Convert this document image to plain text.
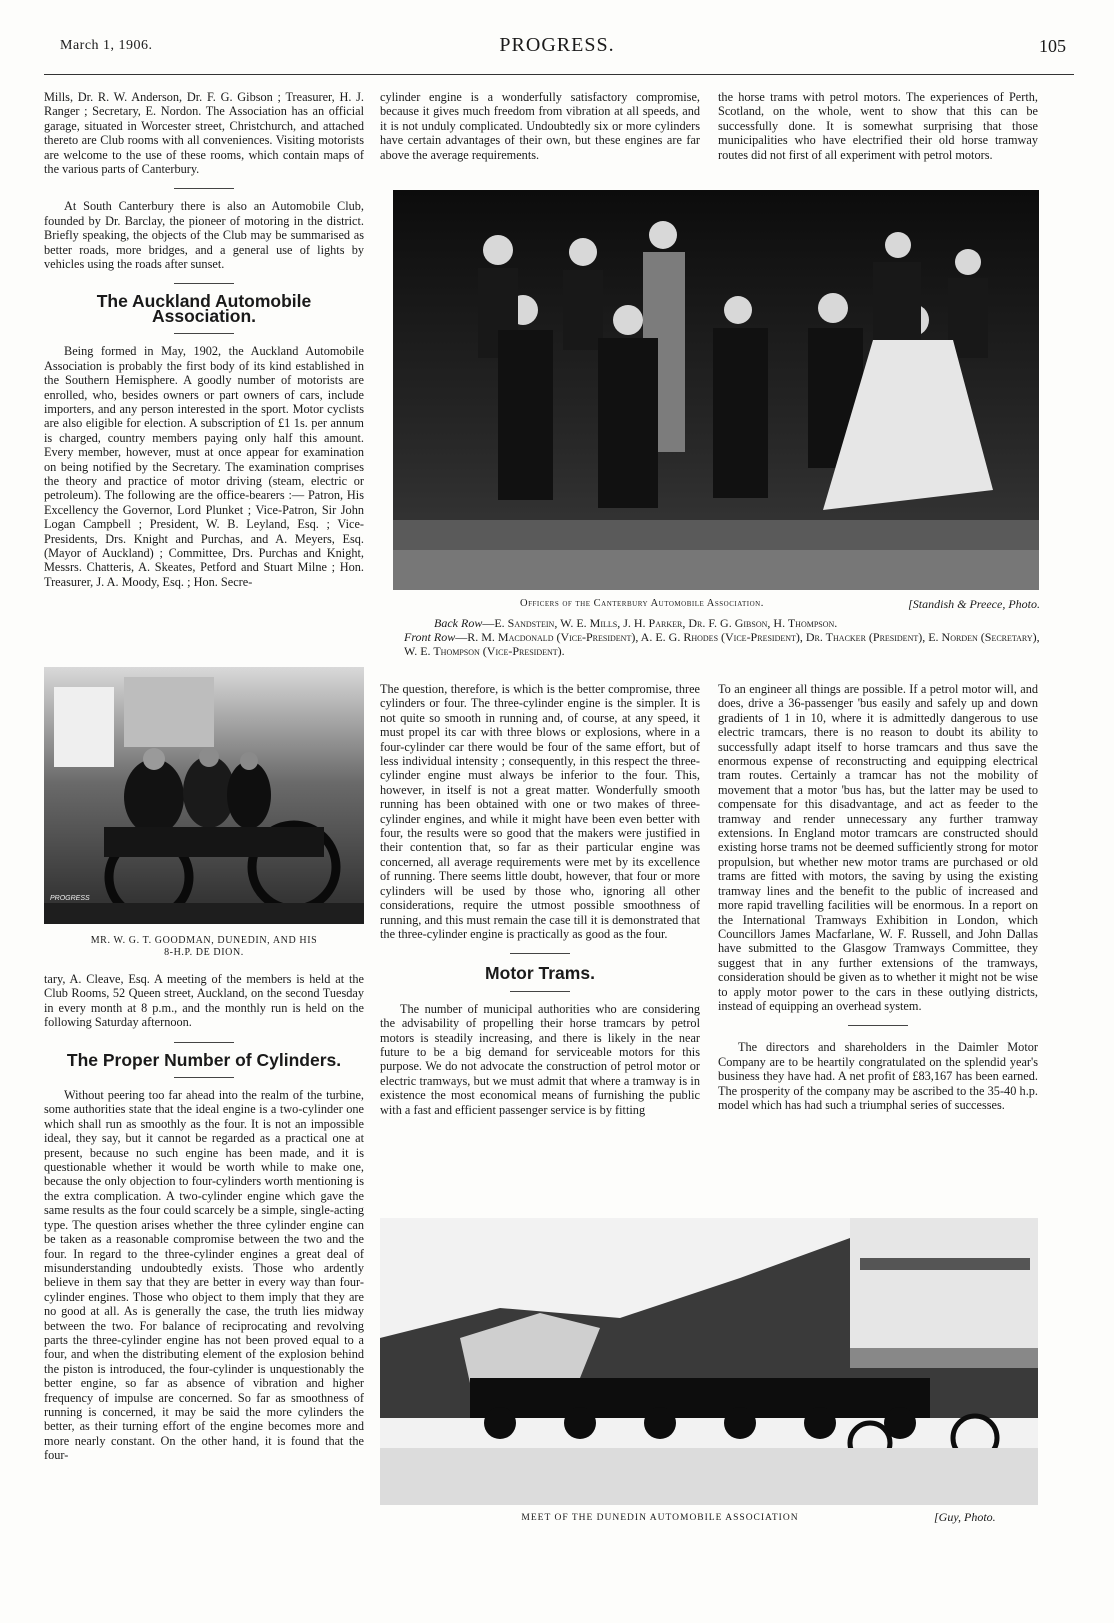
March 1, 1906.	PROGRESS.	105

Mills, Dr. R. W. Anderson, Dr. F. G. Gibson ; Treasurer, H. J. Ranger ; Secretary, E. Nordon. The Association has an official garage, situated in Worcester street, Christchurch, and attached thereto are Club rooms with all conveniences. Visiting motorists are welcome to the use of these rooms, which contain maps of the various parts of Canterbury.

At South Canterbury there is also an Automobile Club, founded by Dr. Barclay, the pioneer of motoring in the district. Briefly speaking, the objects of the Club may be summarised as better roads, more bridges, and a general use of lights by vehicles using the roads after sunset.

The Auckland Automobile Association.

Being formed in May, 1902, the Auckland Automobile Association is probably the first body of its kind established in the Southern Hemisphere. A goodly number of motorists are enrolled, who, besides owners or part owners of cars, include importers, and any person interested in the sport. Motor cyclists are also eligible for election. A subscription of £1 1s. per annum is charged, country members paying only half this amount. Every member, however, must at once appear for examination on being notified by the Secretary. The examination comprises the theory and practice of motor driving (steam, electric or petroleum). The following are the office-bearers :— Patron, His Excellency the Governor, Lord Plunket ; Vice-Patron, Sir John Logan Campbell ; President, W. B. Leyland, Esq. ; Vice-Presidents, Drs. Knight and Purchas, and A. Meyers, Esq. (Mayor of Auckland) ; Committee, Drs. Purchas and Knight, Messrs. Chatteris, A. Skeates, Petford and Stuart Milne ; Hon. Treasurer, J. A. Moody, Esq. ; Hon. Secre-

PROGRESS
MR. W. G. T. GOODMAN, DUNEDIN, AND HIS
8-H.P. DE DION.

tary, A. Cleave, Esq. A meeting of the members is held at the Club Rooms, 52 Queen street, Auckland, on the second Tuesday in every month at 8 p.m., and the monthly run is held on the following Saturday afternoon.

The Proper Number of Cylinders.

Without peering too far ahead into the realm of the turbine, some authorities state that the ideal engine is a two-cylinder one which shall run as smoothly as the four. It is not an impossible ideal, they say, but it cannot be regarded as a practical one at present, because no such engine has been made, and it is questionable whether it would be worth while to make one, because the only objection to four-cylinders worth mentioning is the extra complication. A two-cylinder engine which gave the same results as the four could scarcely be a simple, single-acting type. The question arises whether the three cylinder engine can be taken as a reasonable compromise between the two and the four. In regard to the three-cylinder engines a great deal of misunderstanding undoubtedly exists. Those who ardently believe in them say that they are better in every way than four-cylinder engines. Those who object to them imply that they are no good at all. As is generally the case, the truth lies midway between the two. For balance of reciprocating and revolving parts the three-cylinder engine has not been proved equal to a four, and when the distributing element of the explosion behind the piston is introduced, the four-cylinder is unquestionably the better engine, so far as absence of vibration and higher frequency of impulse are concerned. So far as smoothness of running is concerned, it may be said the more cylinders the better, as their turning effort of the engine becomes more and more nearly constant. On the other hand, it is found that the four-

cylinder engine is a wonderfully satisfactory compromise, because it gives much freedom from vibration at all speeds, and it is not unduly complicated. Undoubtedly six or more cylinders have certain advantages of their own, but these engines are far above the average requirements.

the horse trams with petrol motors. The experiences of Perth, Scotland, on the whole, went to show that this can be successfully done. It is somewhat surprising that those municipalities who have electrified their old horse tramway routes did not first of all experiment with petrol motors.

Officers of the Canterbury Automobile Association.	[Standish & Preece, Photo.
Back Row—E. Sandstein, W. E. Mills, J. H. Parker, Dr. F. G. Gibson, H. Thompson.
Front Row—R. M. Macdonald (Vice-President), A. E. G. Rhodes (Vice-President), Dr. Thacker (President), E. Norden (Secretary), W. E. Thompson (Vice-President).

The question, therefore, is which is the better compromise, three cylinders or four. The three-cylinder engine is the simpler. It is not quite so smooth in running and, of course, at any speed, it must propel its car with three blows or explosions, where in a four-cylinder car there would be four of the same effort, but of less individual intensity ; consequently, in this respect the three-cylinder engine must always be inferior to the four. This, however, in itself is not a great matter. Wonderfully smooth running has been obtained with one or two makes of three-cylinder engines, and while it might have been even better with four, the results were so good that the makers were justified in their contention that, so far as their particular engine was concerned, all average requirements were met by its excellence of running. There seems little doubt, however, that four or more cylinders will be used by those who, ignoring all other considerations, require the utmost possible smoothness of running, and this must remain the case till it is demonstrated that the three-cylinder engine is practically as good as the four.

Motor Trams.

The number of municipal authorities who are considering the advisability of propelling their horse tramcars by petrol motors is steadily increasing, and there is likely in the near future to be a big demand for serviceable motors for this purpose. We do not advocate the construction of petrol motor or electric tramways, but we must admit that where a tramway is in existence the most economical means of furnishing the public with a fast and efficient passenger service is by fitting

To an engineer all things are possible. If a petrol motor will, and does, drive a 36-passenger 'bus easily and safely up and down gradients of 1 in 10, where it is admittedly dangerous to use electric tramcars, there is no reason to doubt its ability to successfully adapt itself to horse tramcars and thus save the enormous expense of reconstructing and equipping electrical tram routes. Certainly a tramcar has not the mobility of movement that a motor 'bus has, but the latter may be used to compensate for this disadvantage, and act as feeder to the tramway and render unnecessary any further tramway extensions. In England motor tramcars are constructed should existing horse trams not be deemed sufficiently strong for motor propulsion, but whether new motor trams are purchased or old trams are fitted with motors, the saving by using the existing tramway lines and the benefit to the public of increased and more rapid travelling facilities will be enormous. In a report on the International Tramways Exhibition in London, which Councillors James Macfarlane, W. F. Russell, and John Dallas have submitted to the Glasgow Tramways Committee, they suggest that in any further extensions of the tramways, consideration should be given as to whether it might not be wise to apply motor power to the cars in these outlying districts, instead of equipping an overhead system.

The directors and shareholders in the Daimler Motor Company are to be heartily congratulated on the splendid year's business they have had. A net profit of £83,167 has been earned. The prosperity of the company may be ascribed to the 35-40 h.p. model which has had such a triumphal series of successes.

MEET OF THE DUNEDIN AUTOMOBILE ASSOCIATION	[Guy, Photo.
